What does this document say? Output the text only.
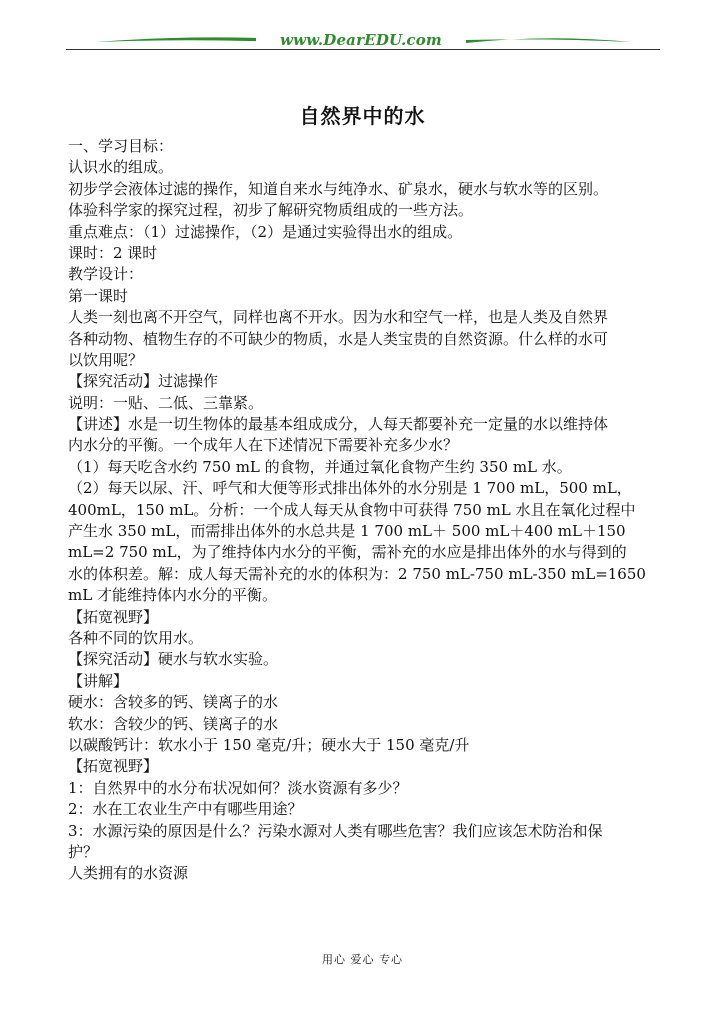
www.DearEDU.com
自然界中的水
一、学习目标：
认识水的组成。
初步学会液体过滤的操作，知道自来水与纯净水、矿泉水，硬水与软水等的区别。
体验科学家的探究过程，初步了解研究物质组成的一些方法。
重点难点：（1）过滤操作，（2）是通过实验得出水的组成。
课时：2 课时
教学设计：
第一课时
人类一刻也离不开空气，同样也离不开水。因为水和空气一样，也是人类及自然界
各种动物、植物生存的不可缺少的物质，水是人类宝贵的自然资源。什么样的水可
以饮用呢？
【探究活动】过滤操作
说明：一贴、二低、三靠紧。
【讲述】水是一切生物体的最基本组成成分，人每天都要补充一定量的水以维持体
内水分的平衡。一个成年人在下述情况下需要补充多少水？
（1）每天吃含水约 750 mL 的食物，并通过氧化食物产生约 350 mL 水。
（2）每天以尿、汗、呼气和大便等形式排出体外的水分别是 1 700 mL，500 mL，
400mL，150 mL。分析：一个成人每天从食物中可获得 750 mL 水且在氧化过程中
产生水 350 mL，而需排出体外的水总共是 1 700 mL＋ 500 mL＋400 mL＋150
mL=2 750 mL，为了维持体内水分的平衡，需补充的水应是排出体外的水与得到的
水的体积差。解：成人每天需补充的水的体积为：2 750 mL-750 mL-350 mL=1650
mL 才能维持体内水分的平衡。
【拓宽视野】
各种不同的饮用水。
【探究活动】硬水与软水实验。
【讲解】
硬水：含较多的钙、镁离子的水
软水：含较少的钙、镁离子的水
以碳酸钙计：软水小于 150 毫克/升；硬水大于 150 毫克/升
【拓宽视野】
1：自然界中的水分布状况如何？淡水资源有多少？
2：水在工农业生产中有哪些用途？
3：水源污染的原因是什么？污染水源对人类有哪些危害？我们应该怎术防治和保
护？
人类拥有的水资源
用心 爱心 专心
